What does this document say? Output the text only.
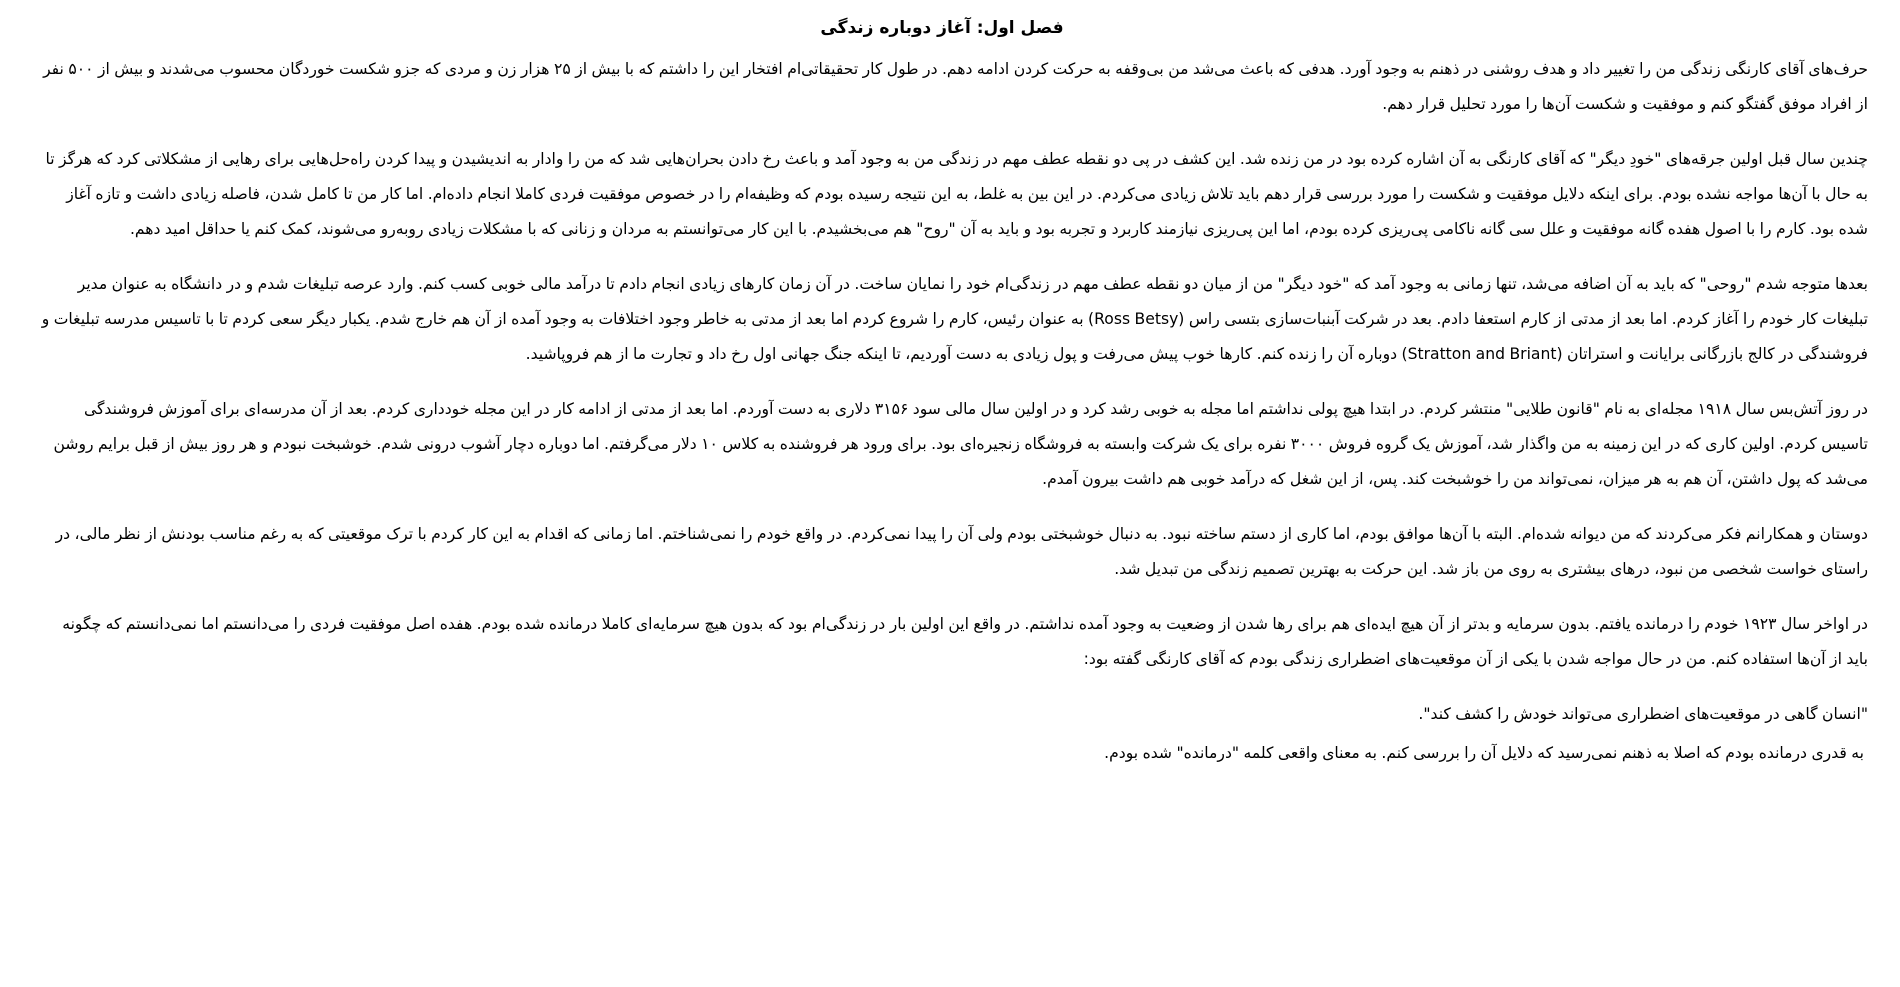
فصل اول: آغاز دوباره زندگی

حرف‌های آقای کارنگی زندگی من را تغییر داد و هدف روشنی در ذهنم به وجود آورد. هدفی که باعث می‌شد من بی‌وقفه به حرکت کردن ادامه دهم. در طول کار تحقیقاتی‌ام افتخار این را داشتم که با بیش از ۲۵ هزار زن و مردی که جزو شکست خوردگان محسوب می‌شدند و بیش از ۵۰۰ نفر از افراد موفق گفتگو کنم و موفقیت و شکست آن‌ها را مورد تحلیل قرار دهم.

چندین سال قبل اولین جرقه‌های "خودِ دیگر" که آقای کارنگی به آن اشاره کرده بود در من زنده شد. این کشف در پی دو نقطه عطف مهم در زندگی من به وجود آمد و باعث رخ دادن بحران‌هایی شد که من را وادار به اندیشیدن و پیدا کردن راه‌حل‌هایی برای رهایی از مشکلاتی کرد که هرگز تا به حال با آن‌ها مواجه نشده بودم. برای اینکه دلایل موفقیت و شکست را مورد بررسی قرار دهم باید تلاش زیادی می‌کردم. در این بین به غلط، به این نتیجه رسیده بودم که وظیفه‌ام را در خصوص موفقیت فردی کاملا انجام داده‌ام. اما کار من تا کامل شدن، فاصله زیادی داشت و تازه آغاز شده بود. کارم را با اصول هفده گانه موفقیت و علل سی گانه ناکامی پی‌ریزی کرده بودم، اما این پی‌ریزی نیازمند کاربرد و تجربه بود و باید به آن "روح" هم می‌بخشیدم. با این کار می‌توانستم به مردان و زنانی که با مشکلات زیادی روبه‌رو می‌شوند، کمک کنم یا حداقل امید دهم.

بعدها متوجه شدم "روحی" که باید به آن اضافه می‌شد، تنها زمانی به وجود آمد که "خود دیگر" من از میان دو نقطه عطف مهم در زندگی‌ام خود را نمایان ساخت. در آن زمان کارهای زیادی انجام دادم تا درآمد مالی خوبی کسب کنم. وارد عرصه تبلیغات شدم و در دانشگاه به عنوان مدیر تبلیغات کار خودم را آغاز کردم. اما بعد از مدتی از کارم استعفا دادم. بعد در شرکت آبنبات‌سازی بتسی راس (Ross Betsy) به عنوان رئیس، کارم را شروع کردم اما بعد از مدتی به خاطر وجود اختلافات به وجود آمده از آن هم خارج شدم. یکبار دیگر سعی کردم تا با تاسیس مدرسه تبلیغات و فروشندگی در کالج بازرگانی برایانت و استراتان (Stratton and Briant) دوباره آن را زنده کنم. کارها خوب پیش می‌رفت و پول زیادی به دست آوردیم، تا اینکه جنگ جهانی اول رخ داد و تجارت ما از هم فروپاشید.

در روز آتش‌بس سال ۱۹۱۸ مجله‌ای به نام "قانون طلایی" منتشر کردم. در ابتدا هیچ پولی نداشتم اما مجله به خوبی رشد کرد و در اولین سال مالی سود ۳۱۵۶ دلاری به دست آوردم. اما بعد از مدتی از ادامه کار در این مجله خودداری کردم. بعد از آن مدرسه‌ای برای آموزش فروشندگی تاسیس کردم. اولین کاری که در این زمینه به من واگذار شد، آموزش یک گروه فروش ۳۰۰۰ نفره برای یک شرکت وابسته به فروشگاه زنجیره‌ای بود. برای ورود هر فروشنده به کلاس ۱۰ دلار می‌گرفتم. اما دوباره دچار آشوب درونی شدم. خوشبخت نبودم و هر روز بیش از قبل برایم روشن می‌شد که پول داشتن، آن هم به هر میزان، نمی‌تواند من را خوشبخت کند. پس، از این شغل که درآمد خوبی هم داشت بیرون آمدم.

دوستان و همکارانم فکر می‌کردند که من دیوانه شده‌ام. البته با آن‌ها موافق بودم، اما کاری از دستم ساخته نبود. به دنبال خوشبختی بودم ولی آن را پیدا نمی‌کردم. در واقع خودم را نمی‌شناختم. اما زمانی که اقدام به این کار کردم با ترک موقعیتی که به رغم مناسب بودنش از نظر مالی، در راستای خواست شخصی من نبود، درهای بیشتری به روی من باز شد. این حرکت به بهترین تصمیم زندگی من تبدیل شد.

در اواخر سال ۱۹۲۳ خودم را درمانده یافتم. بدون سرمایه و بدتر از آن هیچ ایده‌ای هم برای رها شدن از وضعیت به وجود آمده نداشتم. در واقع این اولین بار در زندگی‌ام بود که بدون هیچ سرمایه‌ای کاملا درمانده شده بودم. هفده اصل موفقیت فردی را می‌دانستم اما نمی‌دانستم که چگونه باید از آن‌ها استفاده کنم. من در حال مواجه شدن با یکی از آن موقعیت‌های اضطراری زندگی بودم که آقای کارنگی گفته بود:

"انسان گاهی در موقعیت‌های اضطراری می‌تواند خودش را کشف کند".

به قدری درمانده بودم که اصلا به ذهنم نمی‌رسید که دلایل آن را بررسی کنم. به معنای واقعی کلمه "درمانده" شده بودم.
